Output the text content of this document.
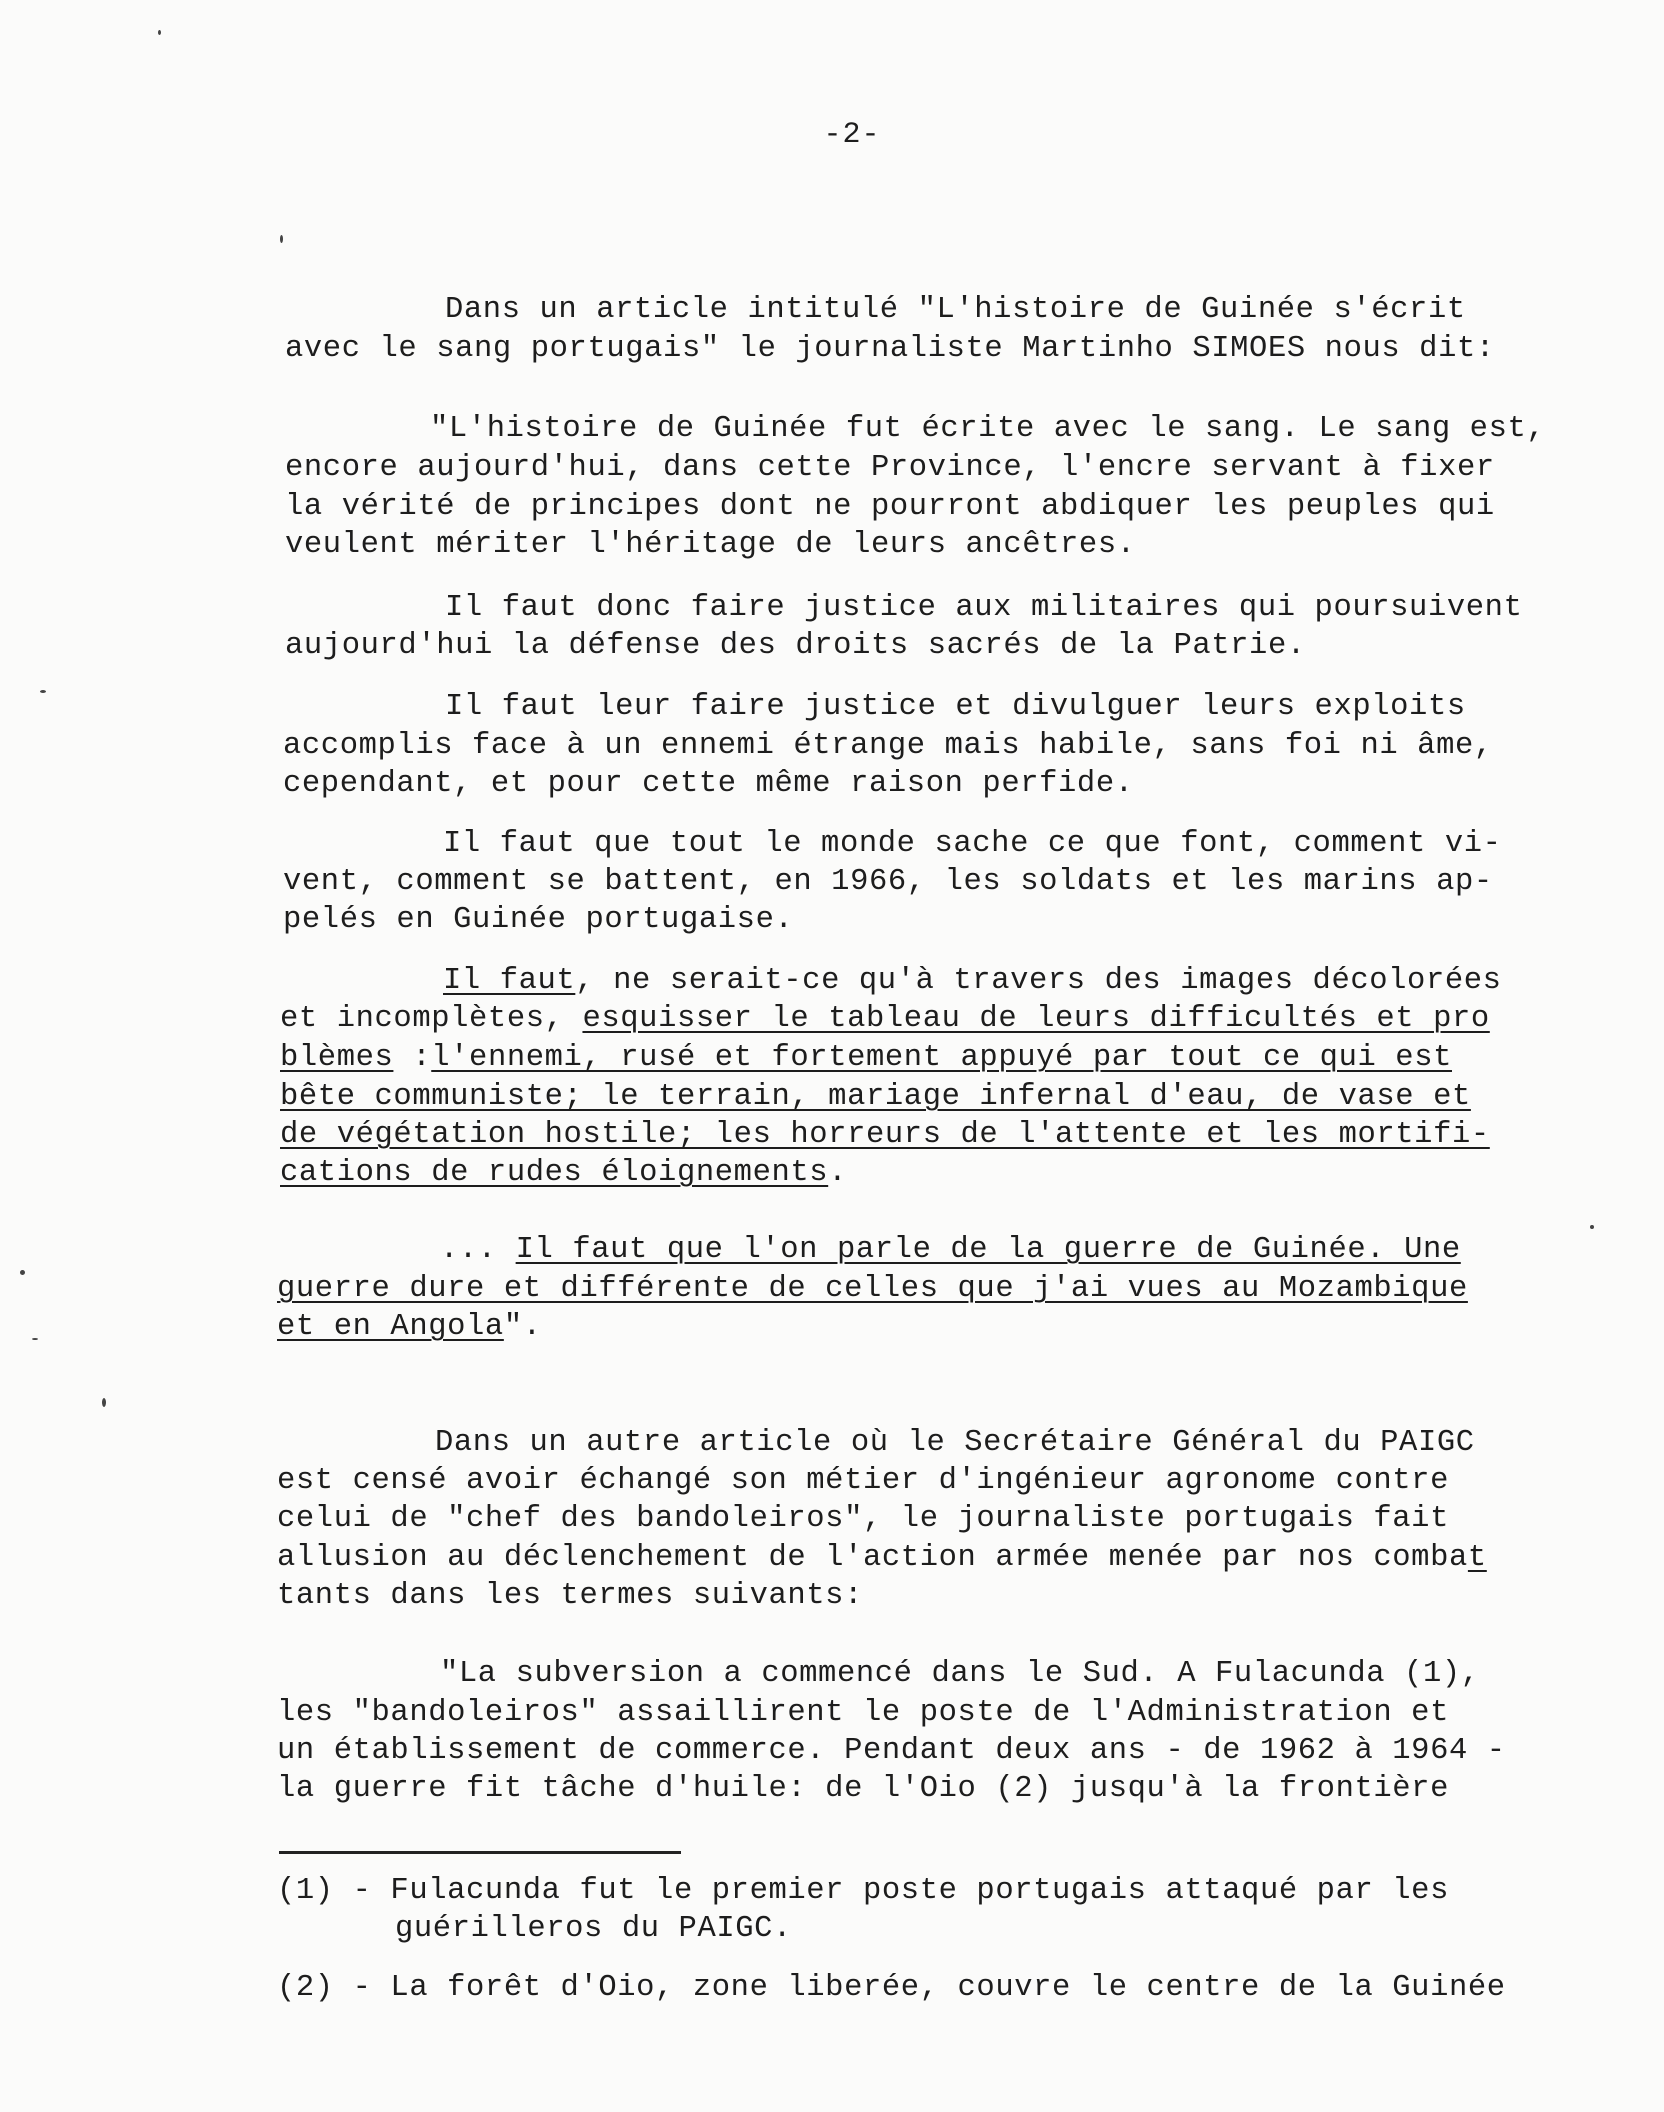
-2-
Dans un article intitulé "L'histoire de Guinée s'écrit
avec le sang portugais" le journaliste Martinho SIMOES nous dit:
"L'histoire de Guinée fut écrite avec le sang. Le sang est,
encore aujourd'hui, dans cette Province, l'encre servant à fixer
la vérité de principes dont ne pourront abdiquer les peuples qui
veulent mériter l'héritage de leurs ancêtres.
Il faut donc faire justice aux militaires qui poursuivent
aujourd'hui la défense des droits sacrés de la Patrie.
Il faut leur faire justice et divulguer leurs exploits
accomplis face à un ennemi étrange mais habile, sans foi ni âme,
cependant, et pour cette même raison perfide.
Il faut que tout le monde sache ce que font, comment vi-
vent, comment se battent, en 1966, les soldats et les marins ap-
pelés en Guinée portugaise.
Il faut, ne serait-ce qu'à travers des images décolorées
et incomplètes, esquisser le tableau de leurs difficultés et pro
blèmes :l'ennemi, rusé et fortement appuyé par tout ce qui est
bête communiste; le terrain, mariage infernal d'eau, de vase et
de végétation hostile; les horreurs de l'attente et les mortifi-
cations de rudes éloignements.
... Il faut que l'on parle de la guerre de Guinée. Une
guerre dure et différente de celles que j'ai vues au Mozambique
et en Angola".
Dans un autre article où le Secrétaire Général du PAIGC
est censé avoir échangé son métier d'ingénieur agronome contre
celui de "chef des bandoleiros", le journaliste portugais fait
allusion au déclenchement de l'action armée menée par nos combat
tants dans les termes suivants:
"La subversion a commencé dans le Sud. A Fulacunda (1),
les "bandoleiros" assaillirent le poste de l'Administration et
un établissement de commerce. Pendant deux ans - de 1962 à 1964 -
la guerre fit tâche d'huile: de l'Oio (2) jusqu'à la frontière
(1) - Fulacunda fut le premier poste portugais attaqué par les
guérilleros du PAIGC.
(2) - La forêt d'Oio, zone liberée, couvre le centre de la Guinée
